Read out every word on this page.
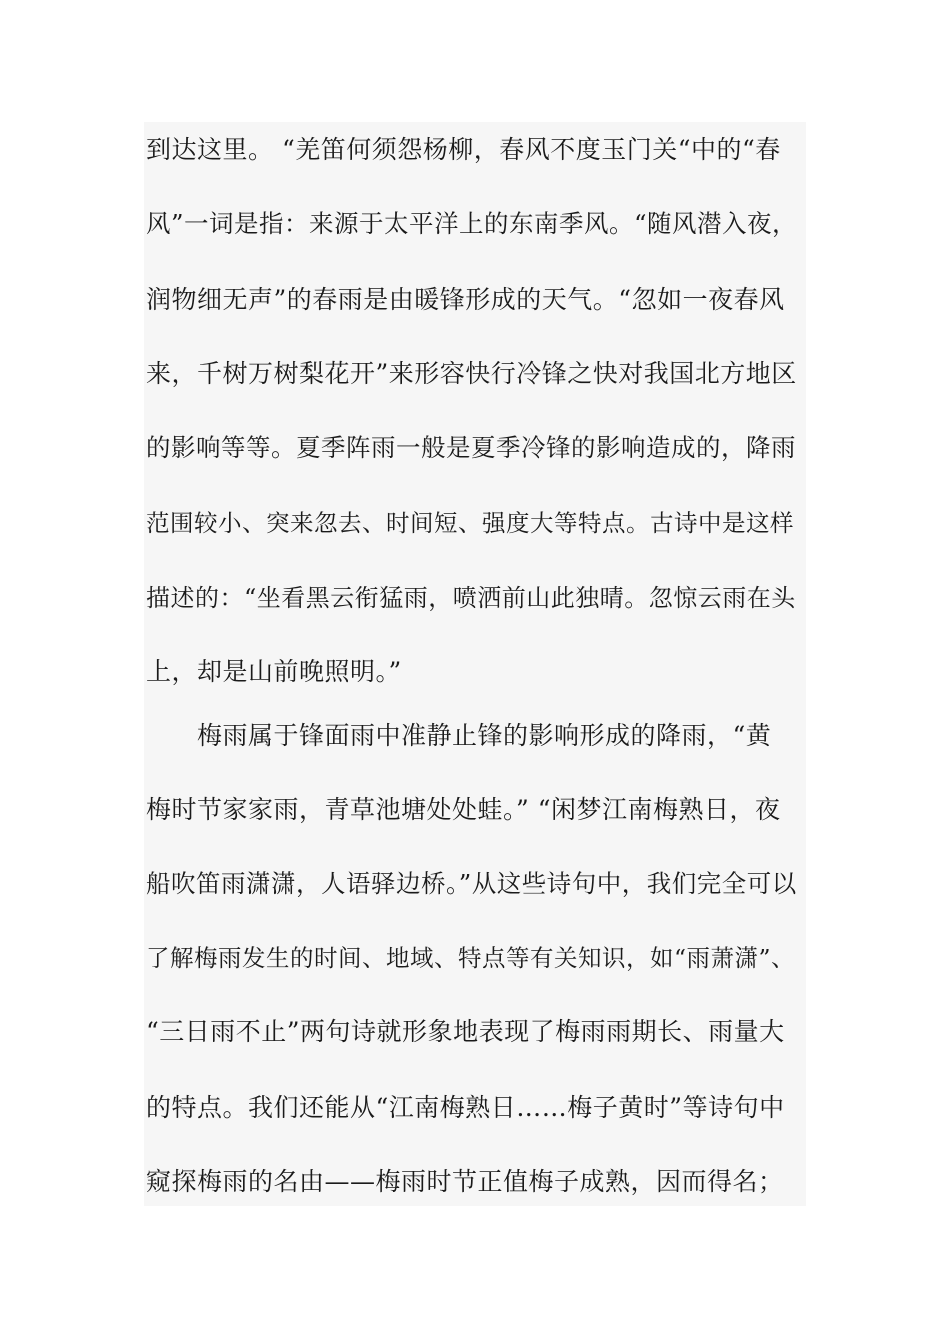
到达这里。 “羌笛何须怨杨柳，春风不度玉门关“中的“春
风”一词是指：来源于太平洋上的东南季风。“随风潜入夜，
润物细无声”的春雨是由暖锋形成的天气。“忽如一夜春风
来，千树万树梨花开”来形容快行冷锋之快对我国北方地区
的影响等等。夏季阵雨一般是夏季冷锋的影响造成的，降雨
范围较小、突来忽去、时间短、强度大等特点。古诗中是这样
描述的：“坐看黑云衔猛雨，喷洒前山此独晴。忽惊云雨在头
上，却是山前晚照明。”
　　梅雨属于锋面雨中准静止锋的影响形成的降雨，“黄
梅时节家家雨，青草池塘处处蛙。” “闲梦江南梅熟日，夜
船吹笛雨潇潇，人语驿边桥。”从这些诗句中，我们完全可以
了解梅雨发生的时间、地域、特点等有关知识，如“雨萧潇”、
“三日雨不止”两句诗就形象地表现了梅雨雨期长、雨量大
的特点。我们还能从“江南梅熟日……梅子黄时”等诗句中
窥探梅雨的名由——梅雨时节正值梅子成熟，因而得名；
